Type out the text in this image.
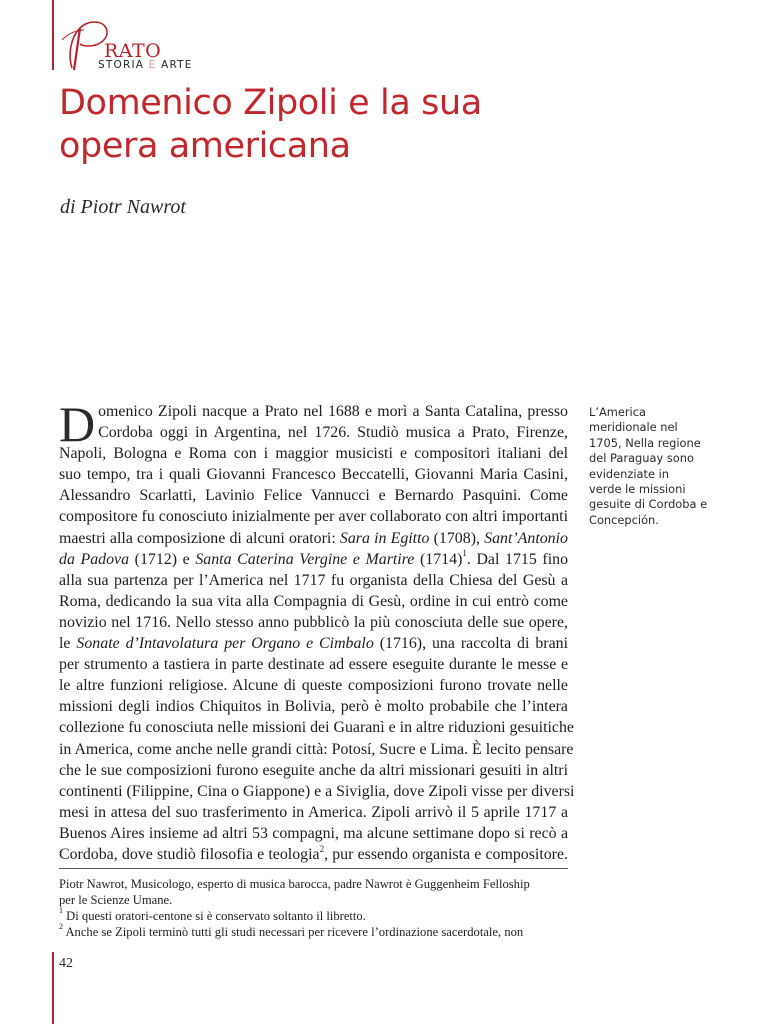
RATO
STORIA E ARTE
Domenico Zipoli e la sua
opera americana
di Piotr Nawrot
D omenico Zipoli nacque a Prato nel 1688 e morì a Santa Catalina, presso
Cordoba oggi in Argentina, nel 1726. Studiò musica a Prato, Firenze,
Napoli, Bologna e Roma con i maggior musicisti e compositori italiani del
suo tempo, tra i quali Giovanni Francesco Beccatelli, Giovanni Maria Casini,
Alessandro Scarlatti, Lavinio Felice Vannucci e Bernardo Pasquini. Come
compositore fu conosciuto inizialmente per aver collaborato con altri importanti
maestri alla composizione di alcuni oratori: Sara in Egitto (1708), Sant’Antonio
da Padova (1712) e Santa Caterina Vergine e Martire $(1714)^1$. Dal 1715 fino
alla sua partenza per l’America nel 1717 fu organista della Chiesa del Gesù a
Roma, dedicando la sua vita alla Compagnia di Gesù, ordine in cui entrò come
novizio nel 1716. Nello stesso anno pubblicò la più conosciuta delle sue opere,
le Sonate d’Intavolatura per Organo e Cimbalo (1716), una raccolta di brani
per strumento a tastiera in parte destinate ad essere eseguite durante le messe e
le altre funzioni religiose. Alcune di queste composizioni furono trovate nelle
missioni degli indios Chiquitos in Bolivia, però è molto probabile che l’intera
collezione fu conosciuta nelle missioni dei Guaranì e in altre riduzioni gesuitiche
in America, come anche nelle grandi città: Potosí, Sucre e Lima. È lecito pensare
che le sue composizioni furono eseguite anche da altri missionari gesuiti in altri
continenti (Filippine, Cina o Giappone) e a Siviglia, dove Zipoli visse per diversi
mesi in attesa del suo trasferimento in America. Zipoli arrivò il 5 aprile 1717 a
Buenos Aires insieme ad altri 53 compagni, ma alcune settimane dopo si recò a
Cordoba, dove studiò filosofia e teologia$^2$, pur essendo organista e compositore.
L’America
meridionale nel
1705, Nella regione
del Paraguay sono
evidenziate in
verde le missioni
gesuite di Cordoba e
Concepción.
Piotr Nawrot, Musicologo, esperto di musica barocca, padre Nawrot è Guggenheim Felloship
per le Scienze Umane.
$^1$ Di questi oratori-centone si è conservato soltanto il libretto.
$^2$ Anche se Zipoli terminò tutti gli studi necessari per ricevere l’ordinazione sacerdotale, non
42
